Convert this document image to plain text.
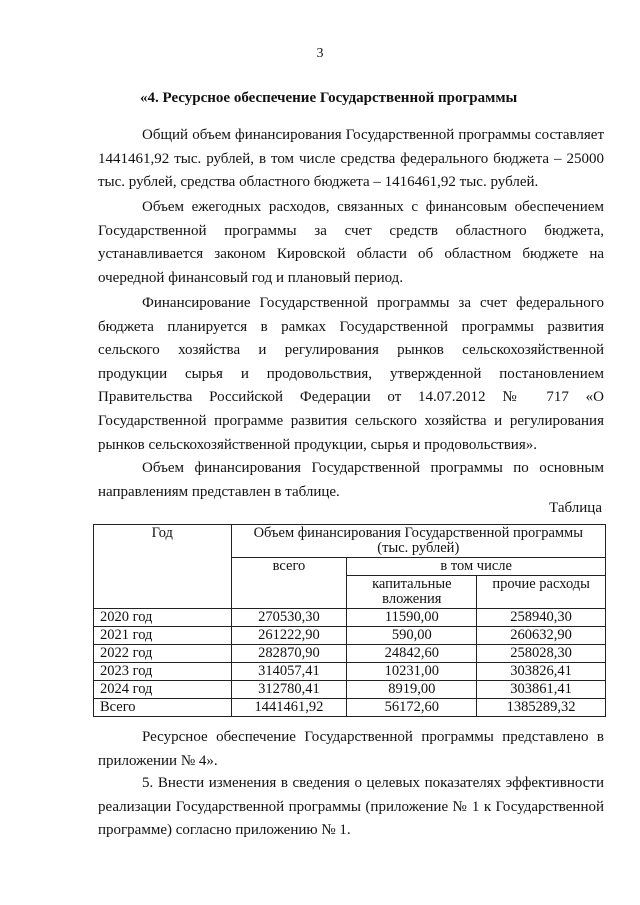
3
«4. Ресурсное обеспечение Государственной программы

Общий объем финансирования Государственной программы составляет 1441461,92 тыс. рублей, в том числе средства федерального бюджета – 25000 тыс. рублей, средства областного бюджета – 1416461,92 тыс. рублей.

Объем ежегодных расходов, связанных с финансовым обеспечением Государственной программы за счет средств областного бюджета, устанавливается законом Кировской области об областном бюджете на очередной финансовый год и плановый период.

Финансирование Государственной программы за счет федерального бюджета планируется в рамках Государственной программы развития сельского хозяйства и регулирования рынков сельскохозяйственной продукции сырья и продовольствия, утвержденной постановлением Правительства Российской Федерации от 14.07.2012 № 717 «О Государственной программе развития сельского хозяйства и регулирования рынков сельскохозяйственной продукции, сырья и продовольствия».

Объем финансирования Государственной программы по основным направлениям представлен в таблице.

Таблица
Год	Объем финансирования Государственной программы (тыс. рублей)		
	всего	в том числе	
		капитальные вложения	прочие расходы
2020 год	270530,30	11590,00	258940,30
2021 год	261222,90	590,00	260632,90
2022 год	282870,90	24842,60	258028,30
2023 год	314057,41	10231,00	303826,41
2024 год	312780,41	8919,00	303861,41
Всего	1441461,92	56172,60	1385289,32

Ресурсное обеспечение Государственной программы представлено в приложении № 4».

5. Внести изменения в сведения о целевых показателях эффективности реализации Государственной программы (приложение № 1 к Государственной программе) согласно приложению № 1.
